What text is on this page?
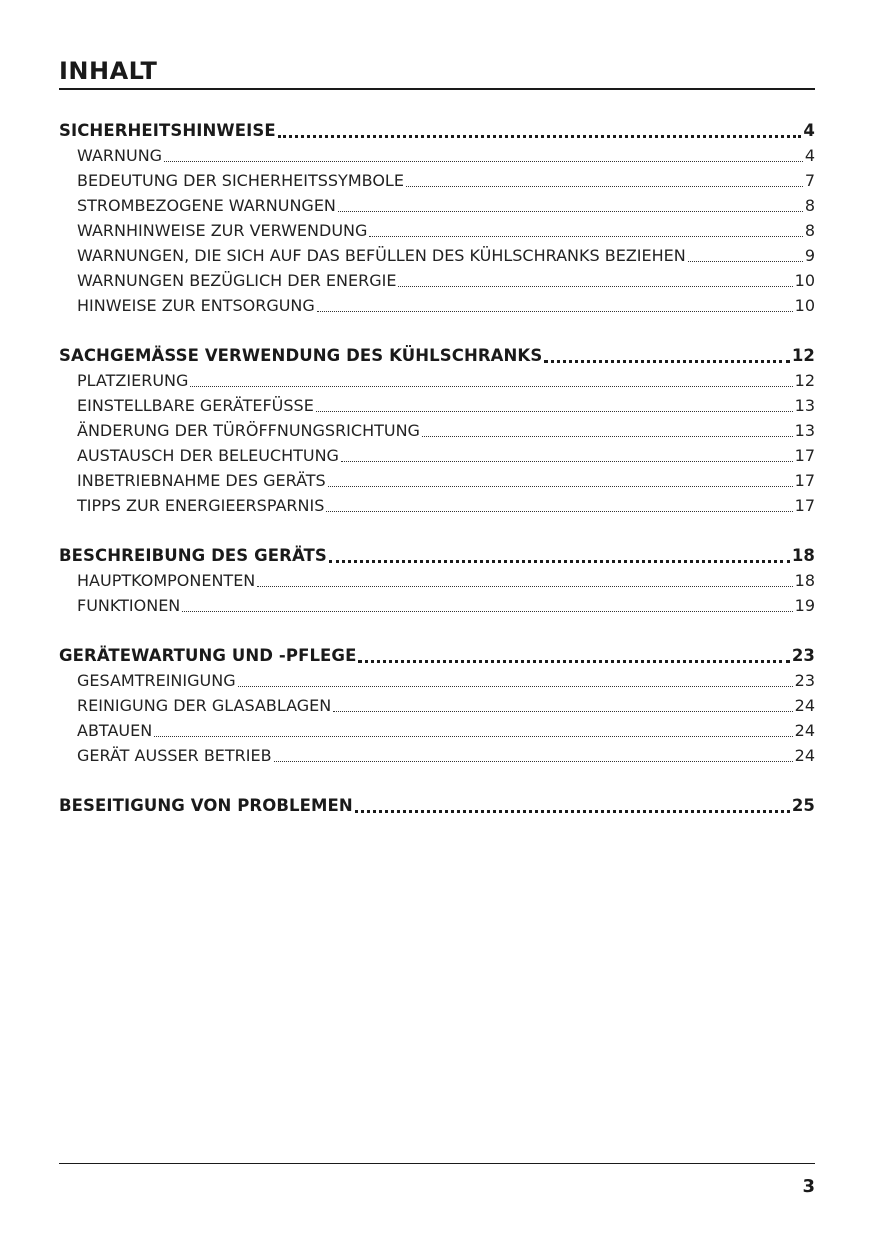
INHALT
SICHERHEITSHINWEISE	4
WARNUNG	4
BEDEUTUNG DER SICHERHEITSSYMBOLE	7
STROMBEZOGENE WARNUNGEN	8
WARNHINWEISE ZUR VERWENDUNG	8
WARNUNGEN, DIE SICH AUF DAS BEFÜLLEN DES KÜHLSCHRANKS BEZIEHEN	9
WARNUNGEN BEZÜGLICH DER ENERGIE	10
HINWEISE ZUR ENTSORGUNG	10
SACHGEMÄSSE VERWENDUNG DES KÜHLSCHRANKS	12
PLATZIERUNG	12
EINSTELLBARE GERÄTEFÜSSE	13
ÄNDERUNG DER TÜRÖFFNUNGSRICHTUNG	13
AUSTAUSCH DER BELEUCHTUNG	17
INBETRIEBNAHME DES GERÄTS	17
TIPPS ZUR ENERGIEERSPARNIS	17
BESCHREIBUNG DES GERÄTS	18
HAUPTKOMPONENTEN	18
FUNKTIONEN	19
GERÄTEWARTUNG UND -PFLEGE	23
GESAMTREINIGUNG	23
REINIGUNG DER GLASABLAGEN	24
ABTAUEN	24
GERÄT AUSSER BETRIEB	24
BESEITIGUNG VON PROBLEMEN	25
3
